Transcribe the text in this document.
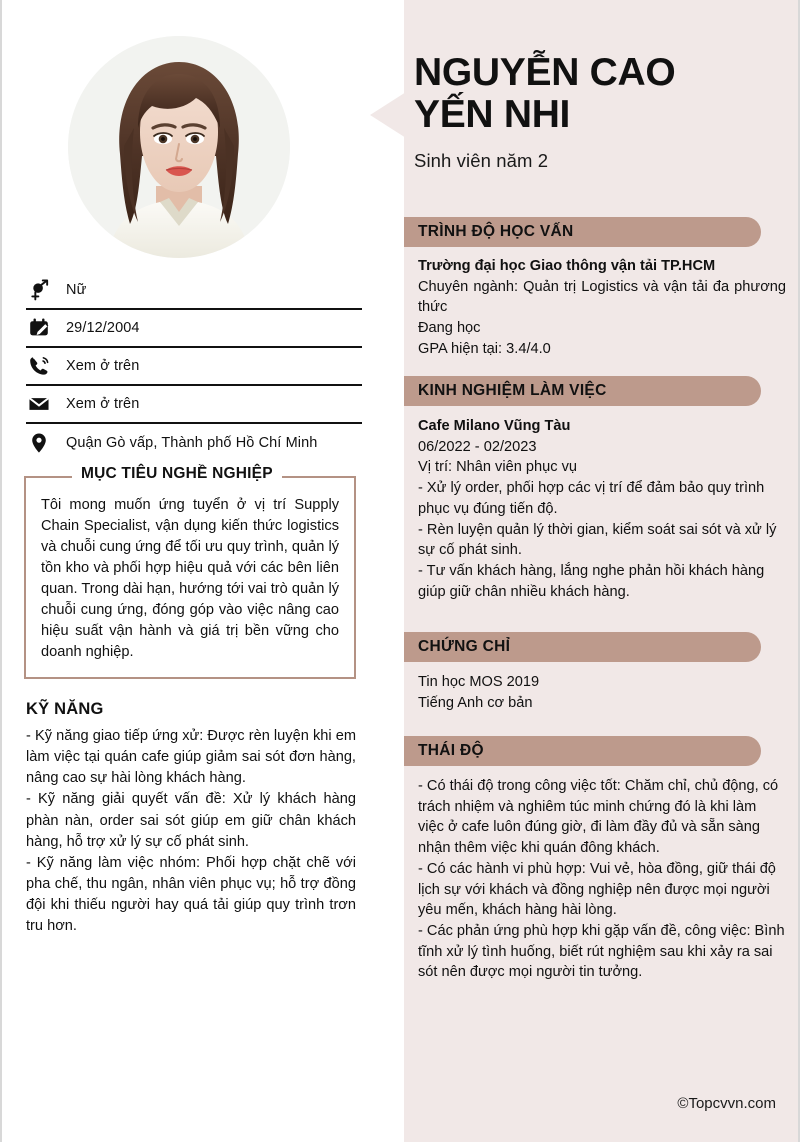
Nữ
29/12/2004
Xem ở trên
Xem ở trên
Quận Gò vấp, Thành phố Hồ Chí Minh
MỤC TIÊU NGHỀ NGHIỆP
Tôi mong muốn ứng tuyển ở vị trí Supply Chain Specialist, vận dụng kiến thức logistics và chuỗi cung ứng để tối ưu quy trình, quản lý tồn kho và phối hợp hiệu quả với các bên liên quan. Trong dài hạn, hướng tới vai trò quản lý chuỗi cung ứng, đóng góp vào việc nâng cao hiệu suất vận hành và giá trị bền vững cho doanh nghiệp.
KỸ NĂNG
- Kỹ năng giao tiếp ứng xử: Được rèn luyện khi em làm việc tại quán cafe giúp giảm sai sót đơn hàng, nâng cao sự hài lòng khách hàng.
- Kỹ năng giải quyết vấn đề: Xử lý khách hàng phàn nàn, order sai sót giúp em giữ chân khách hàng, hỗ trợ xử lý sự cố phát sinh.
- Kỹ năng làm việc nhóm: Phối hợp chặt chẽ với pha chế, thu ngân, nhân viên phục vụ; hỗ trợ đồng đội khi thiếu người hay quá tải giúp quy trình trơn tru hơn.
NGUYỄN CAO
YẾN NHI
Sinh viên năm 2
TRÌNH ĐỘ HỌC VẤN
Trường đại học Giao thông vận tải TP.HCM
Chuyên ngành: Quản trị Logistics và vận tải đa phương thức
Đang học
GPA hiện tại: 3.4/4.0
KINH NGHIỆM LÀM VIỆC
Cafe Milano Vũng Tàu
06/2022 - 02/2023
Vị trí: Nhân viên phục vụ
- Xử lý order, phối hợp các vị trí để đảm bảo quy trình phục vụ đúng tiến độ.
- Rèn luyện quản lý thời gian, kiểm soát sai sót và xử lý sự cố phát sinh.
- Tư vấn khách hàng, lắng nghe phản hồi khách hàng giúp giữ chân nhiều khách hàng.
CHỨNG CHỈ
Tin học MOS 2019
Tiếng Anh cơ bản
THÁI ĐỘ
- Có thái độ trong công việc tốt: Chăm chỉ, chủ động, có trách nhiệm và nghiêm túc minh chứng đó là khi làm việc ở cafe luôn đúng giờ, đi làm đầy đủ và sẵn sàng nhận thêm việc khi quán đông khách.
- Có các hành vi phù hợp: Vui vẻ, hòa đồng, giữ thái độ lịch sự với khách và đồng nghiệp nên được mọi người yêu mến, khách hàng hài lòng.
- Các phản ứng phù hợp khi gặp vấn đề, công việc: Bình tĩnh xử lý tình huống, biết rút nghiệm sau khi xảy ra sai sót nên được mọi người tin tưởng.
©Topcvvn.com
